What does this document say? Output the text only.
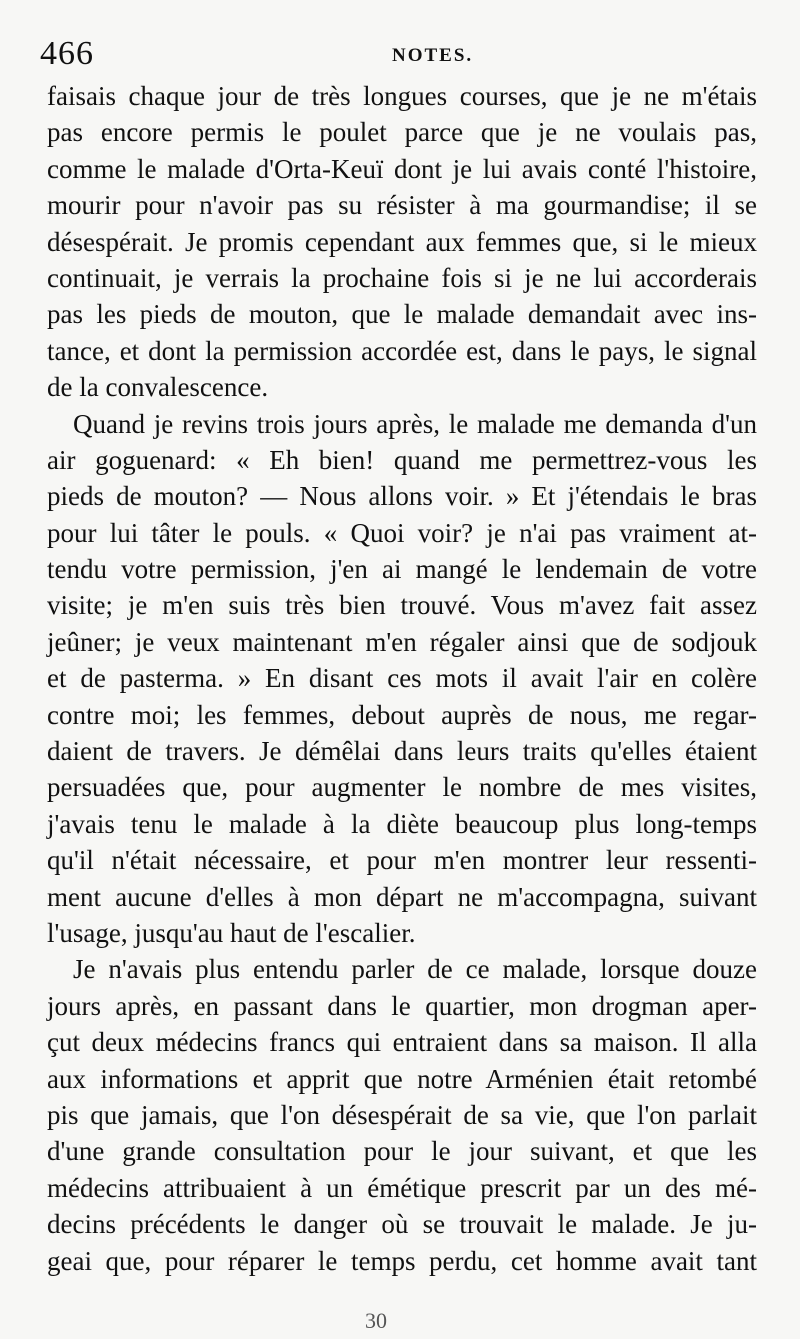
466	NOTES.
faisais chaque jour de très longues courses, que je ne m'étais
pas encore permis le poulet parce que je ne voulais pas,
comme le malade d'Orta-Keuï dont je lui avais conté l'histoire,
mourir pour n'avoir pas su résister à ma gourmandise; il se
désespérait. Je promis cependant aux femmes que, si le mieux
continuait, je verrais la prochaine fois si je ne lui accorderais
pas les pieds de mouton, que le malade demandait avec ins-
tance, et dont la permission accordée est, dans le pays, le signal
de la convalescence.
Quand je revins trois jours après, le malade me demanda d'un
air goguenard: « Eh bien! quand me permettrez-vous les
pieds de mouton? — Nous allons voir. » Et j'étendais le bras
pour lui tâter le pouls. « Quoi voir? je n'ai pas vraiment at-
tendu votre permission, j'en ai mangé le lendemain de votre
visite; je m'en suis très bien trouvé. Vous m'avez fait assez
jeûner; je veux maintenant m'en régaler ainsi que de sodjouk
et de pasterma. » En disant ces mots il avait l'air en colère
contre moi; les femmes, debout auprès de nous, me regar-
daient de travers. Je démêlai dans leurs traits qu'elles étaient
persuadées que, pour augmenter le nombre de mes visites,
j'avais tenu le malade à la diète beaucoup plus long-temps
qu'il n'était nécessaire, et pour m'en montrer leur ressenti-
ment aucune d'elles à mon départ ne m'accompagna, suivant
l'usage, jusqu'au haut de l'escalier.
Je n'avais plus entendu parler de ce malade, lorsque douze
jours après, en passant dans le quartier, mon drogman aper-
çut deux médecins francs qui entraient dans sa maison. Il alla
aux informations et apprit que notre Arménien était retombé
pis que jamais, que l'on désespérait de sa vie, que l'on parlait
d'une grande consultation pour le jour suivant, et que les
médecins attribuaient à un émétique prescrit par un des mé-
decins précédents le danger où se trouvait le malade. Je ju-
geai que, pour réparer le temps perdu, cet homme avait tant
30
